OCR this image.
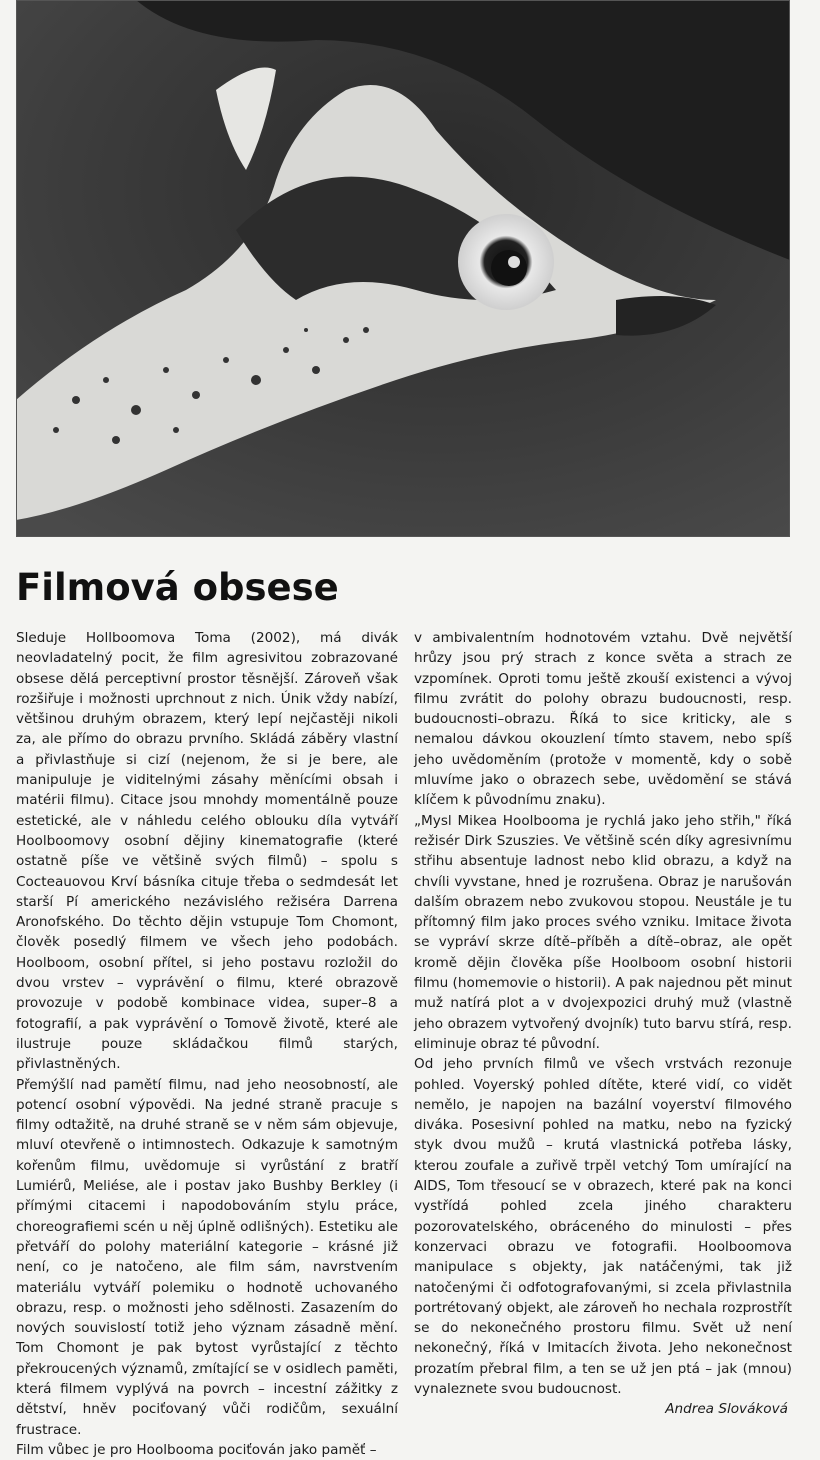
Filmová obsese

Sleduje Hollboomova Toma (2002), má divák neovladatelný pocit, že film agresivitou zobrazované obsese dělá perceptivní prostor těsnější. Zároveň však rozšiřuje i možnosti uprchnout z nich. Únik vždy nabízí, většinou druhým obrazem, který lepí nejčastěji nikoli za, ale přímo do obrazu prvního. Skládá záběry vlastní a přivlastňuje si cizí (nejenom, že si je bere, ale manipuluje je viditelnými zásahy měnícími obsah i matérii filmu). Citace jsou mnohdy momentálně pouze estetické, ale v náhledu celého oblouku díla vytváří Hoolboomovy osobní dějiny kinematografie (které ostatně píše ve většině svých filmů) – spolu s Cocteauovou Krví básníka cituje třeba o sedmdesát let starší Pí amerického nezávislého režiséra Darrena Aronofského. Do těchto dějin vstupuje Tom Chomont, člověk posedlý filmem ve všech jeho podobách. Hoolboom, osobní přítel, si jeho postavu rozložil do dvou vrstev – vyprávění o filmu, které obrazově provozuje v podobě kombinace videa, super–8 a fotografií, a pak vyprávění o Tomově životě, které ale ilustruje pouze skládačkou filmů starých, přivlastněných.

Přemýšlí nad pamětí filmu, nad jeho neosobností, ale potencí osobní výpovědi. Na jedné straně pracuje s filmy odtažitě, na druhé straně se v něm sám objevuje, mluví otevřeně o intimnostech. Odkazuje k samotným kořenům filmu, uvědomuje si vyrůstání z bratří Lumiérů, Meliése, ale i postav jako Bushby Berkley (i přímými citacemi i napodobováním stylu práce, choreografiemi scén u něj úplně odlišných). Estetiku ale přetváří do polohy materiální kategorie – krásné již není, co je natočeno, ale film sám, navrstvením materiálu vytváří polemiku o hodnotě uchovaného obrazu, resp. o možnosti jeho sdělnosti. Zasazením do nových souvislostí totiž jeho význam zásadně mění. Tom Chomont je pak bytost vyrůstající z těchto překroucených významů, zmítající se v osidlech paměti, která filmem vyplývá na povrch – incestní zážitky z dětství, hněv pociťovaný vůči rodičům, sexuální frustrace.

Film vůbec je pro Hoolbooma pociťován jako paměť –

v ambivalentním hodnotovém vztahu. Dvě největší hrůzy jsou prý strach z konce světa a strach ze vzpomínek. Oproti tomu ještě zkouší existenci a vývoj filmu zvrátit do polohy obrazu budoucnosti, resp. budoucnosti–obrazu. Říká to sice kriticky, ale s nemalou dávkou okouzlení tímto stavem, nebo spíš jeho uvědoměním (protože v momentě, kdy o sobě mluvíme jako o obrazech sebe, uvědomění se stává klíčem k původnímu znaku).

„Mysl Mikea Hoolbooma je rychlá jako jeho střih," říká režisér Dirk Szuszies. Ve většině scén díky agresivnímu střihu absentuje ladnost nebo klid obrazu, a když na chvíli vyvstane, hned je rozrušena. Obraz je narušován dalším obrazem nebo zvukovou stopou. Neustále je tu přítomný film jako proces svého vzniku. Imitace života se vypráví skrze dítě–příběh a dítě–obraz, ale opět kromě dějin člověka píše Hoolboom osobní historii filmu (homemovie o historii). A pak najednou pět minut muž natírá plot a v dvojexpozici druhý muž (vlastně jeho obrazem vytvořený dvojník) tuto barvu stírá, resp. eliminuje obraz té původní.

Od jeho prvních filmů ve všech vrstvách rezonuje pohled. Voyerský pohled dítěte, které vidí, co vidět nemělo, je napojen na bazální voyerství filmového diváka. Posesivní pohled na matku, nebo na fyzický styk dvou mužů – krutá vlastnická potřeba lásky, kterou zoufale a zuřivě trpěl vetchý Tom umírající na AIDS, Tom třesoucí se v obrazech, které pak na konci vystřídá pohled zcela jiného charakteru pozorovatelského, obráceného do minulosti – přes konzervaci obrazu ve fotografii. Hoolboomova manipulace s objekty, jak natáčenými, tak již natočenými či odfotografovanými, si zcela přivlastnila portrétovaný objekt, ale zároveň ho nechala rozprostřít se do nekonečného prostoru filmu. Svět už není nekonečný, říká v Imitacích života. Jeho nekonečnost prozatím přebral film, a ten se už jen ptá – jak (mnou) vynaleznete svou budoucnost.

Andrea Slováková
